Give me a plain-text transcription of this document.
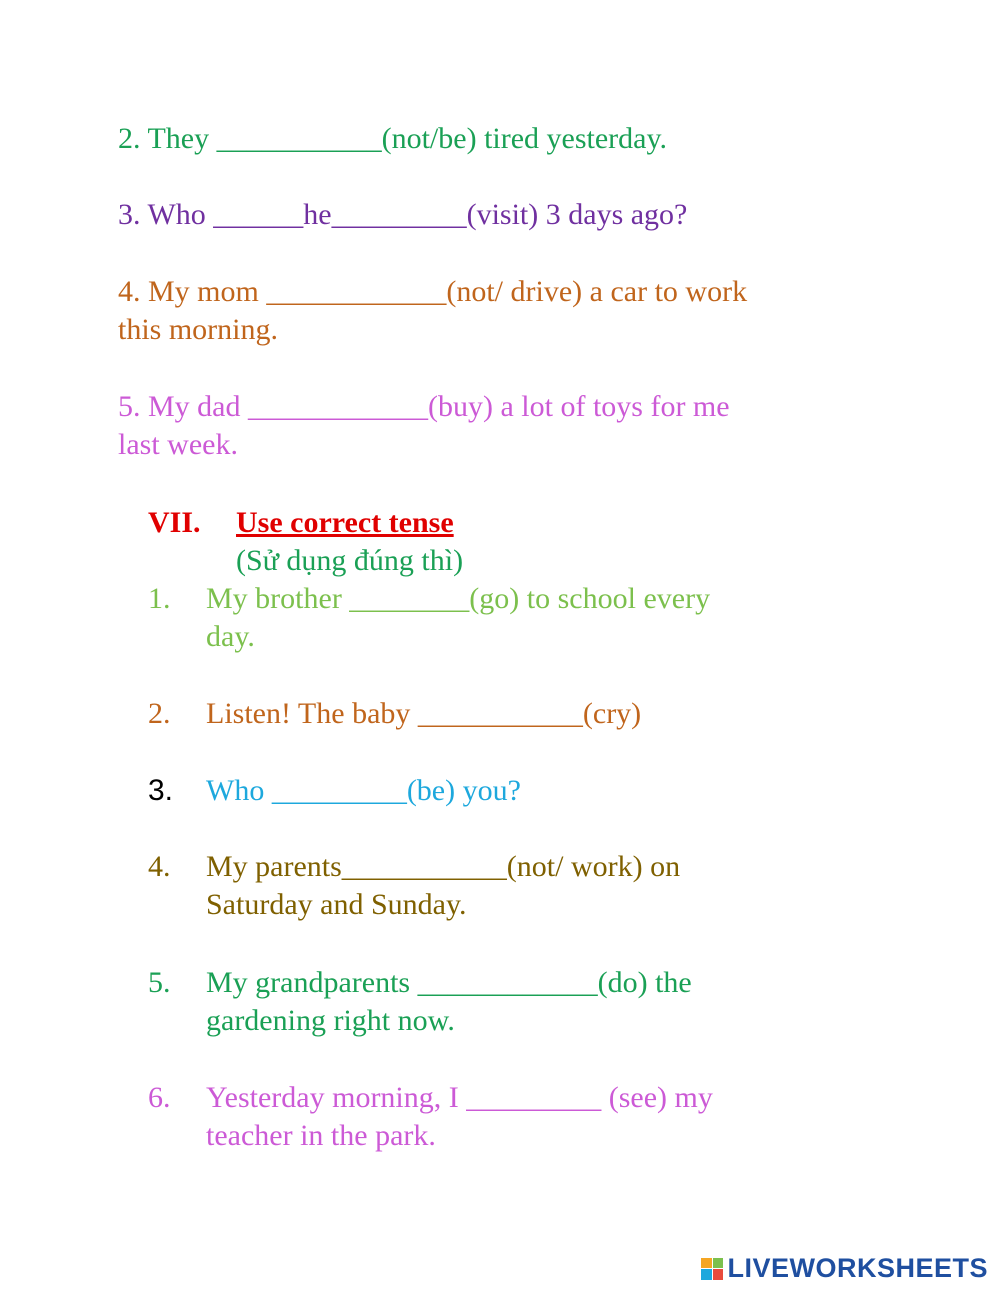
2. They ___________(not/be) tired yesterday.
3. Who ______he_________(visit) 3 days ago?
4. My mom ____________(not/ drive) a car to work
this morning.
5. My dad ____________(buy) a lot of toys for me
last week.
VII. Use correct tense
(Sử dụng đúng thì)
1. My brother ________(go) to school every
day.
2. Listen! The baby ___________(cry)
3. Who _________(be) you?
4. My parents___________(not/ work) on
Saturday and Sunday.
5. My grandparents ____________(do) the
gardening right now.
6. Yesterday morning, I _________ (see) my
teacher in the park.
LIVEWORKSHEETS
